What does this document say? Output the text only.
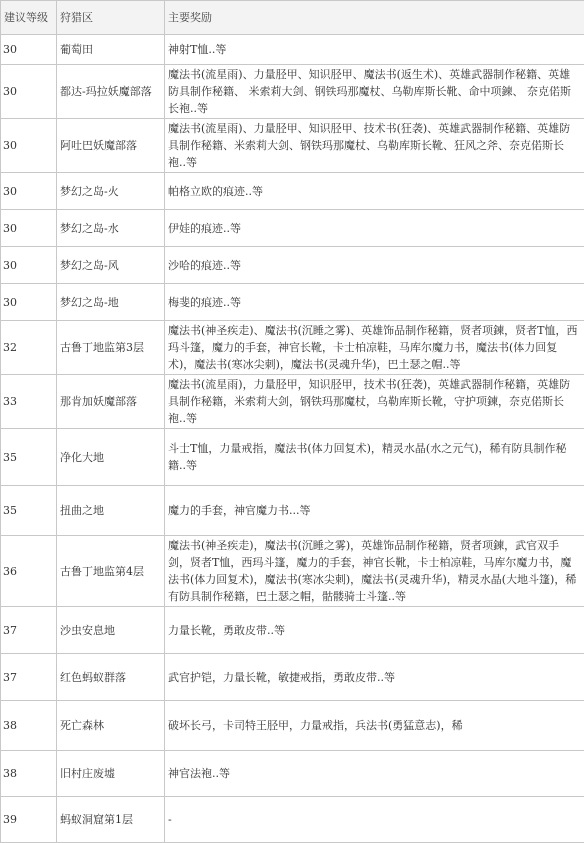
建议等级	狩猎区	主要奖励
30	葡萄田	神射T恤..等
30	都达-玛拉妖魔部落	魔法书(流星雨)、力量胫甲、知识胫甲、魔法书(返生术)、英雄武器制作秘籍、英雄防具制作秘籍、 米索莉大剑、钢铁玛那魔杖、乌勒库斯长靴、命中项鍊、 奈克偌斯长袍..等
30	阿吐巴妖魔部落	魔法书(流星雨)、力量胫甲、知识胫甲、技术书(狂袭)、英雄武器制作秘籍、英雄防具制作秘籍、米索莉大剑、钢铁玛那魔杖、乌勒库斯长靴、狂风之斧、奈克偌斯长袍..等
30	梦幻之岛-火	帕格立欧的痕迹..等
30	梦幻之岛-水	伊娃的痕迹..等
30	梦幻之岛-风	沙哈的痕迹..等
30	梦幻之岛-地	梅斐的痕迹..等
32	古鲁丁地监第3层	魔法书(神圣疾走)、魔法书(沉睡之雾)、英雄饰品制作秘籍，贤者项鍊，贤者T恤，西玛斗篷，魔力的手套，神官长靴，卡士柏凉鞋，马库尔魔力书，魔法书(体力回复术)，魔法书(寒冰尖刺)，魔法书(灵魂升华)，巴土瑟之帽..等
33	那肯加妖魔部落	魔法书(流星雨)，力量胫甲，知识胫甲，技术书(狂袭)，英雄武器制作秘籍，英雄防具制作秘籍，米索莉大剑，钢铁玛那魔杖，乌勒库斯长靴，守护项鍊，奈克偌斯长袍..等
35	净化大地	斗士T恤，力量戒指，魔法书(体力回复术)，精灵水晶(水之元气)，稀有防具制作秘籍..等
35	扭曲之地	魔力的手套，神官魔力书...等
36	古鲁丁地监第4层	魔法书(神圣疾走)，魔法书(沉睡之雾)，英雄饰品制作秘籍，贤者项鍊，武官双手剑，贤者T恤，西玛斗篷，魔力的手套，神官长靴，卡士柏凉鞋，马库尔魔力书，魔法书(体力回复术)，魔法书(寒冰尖刺)，魔法书(灵魂升华)，精灵水晶(大地斗篷)，稀有防具制作秘籍，巴土瑟之帽，骷髅骑士斗篷..等
37	沙虫安息地	力量长靴，勇敢皮带..等
37	红色蚂蚁群落	武官护铠，力量长靴，敏捷戒指，勇敢皮带..等
38	死亡森林	破坏长弓，卡司特王胫甲，力量戒指，兵法书(勇猛意志)，稀
38	旧村庄废墟	神官法袍..等
39	蚂蚁洞窟第1层	-
